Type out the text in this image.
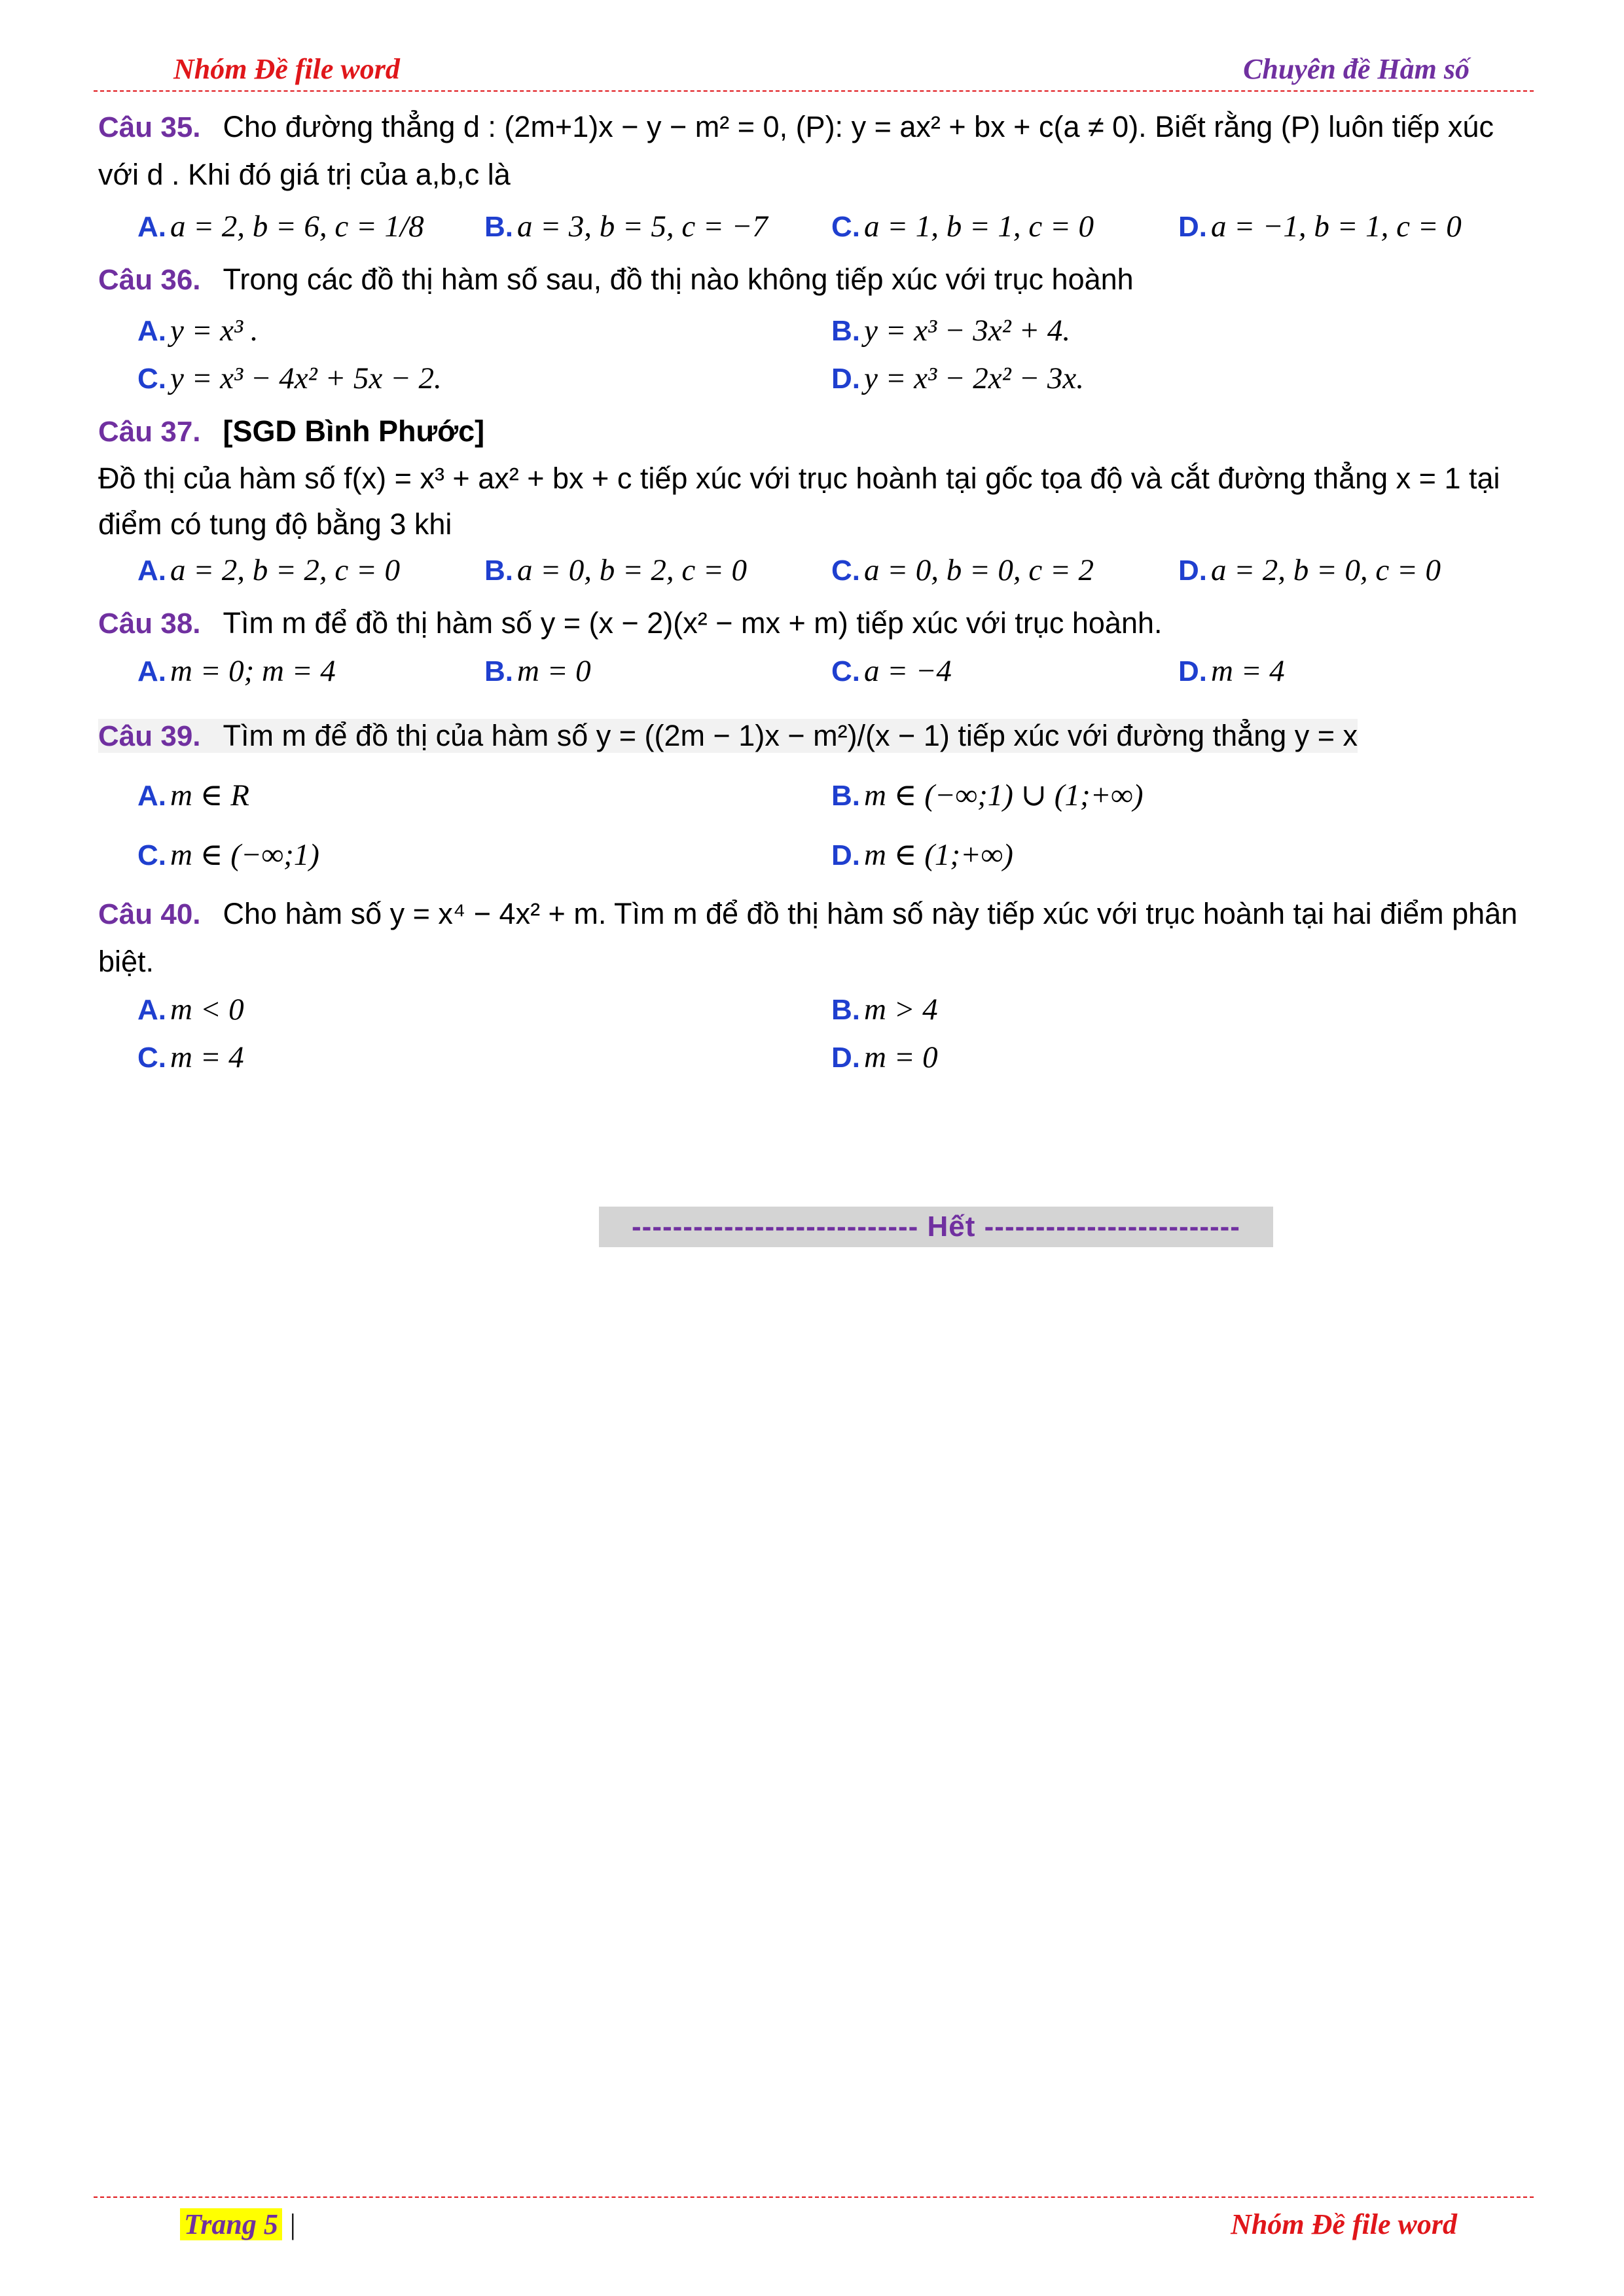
Nhóm Đề file word	Chuyên đề Hàm số
Câu 35. Cho đường thẳng d : (2m+1)x − y − m² = 0, (P): y = ax² + bx + c(a ≠ 0). Biết rằng (P) luôn tiếp xúc với d . Khi đó giá trị của a,b,c là
A. a = 2, b = 6, c = 1/8	B. a = 3, b = 5, c = −7	C. a = 1, b = 1, c = 0	D. a = −1, b = 1, c = 0
Câu 36. Trong các đồ thị hàm số sau, đồ thị nào không tiếp xúc với trục hoành
A. y = x³ .	B. y = x³ − 3x² + 4.
C. y = x³ − 4x² + 5x − 2.	D. y = x³ − 2x² − 3x.
Câu 37. [SGD Bình Phước]
Đồ thị của hàm số f(x) = x³ + ax² + bx + c tiếp xúc với trục hoành tại gốc tọa độ và cắt đường thẳng x = 1 tại điểm có tung độ bằng 3 khi
A. a = 2, b = 2, c = 0	B. a = 0, b = 2, c = 0	C. a = 0, b = 0, c = 2	D. a = 2, b = 0, c = 0
Câu 38. Tìm m để đồ thị hàm số y = (x − 2)(x² − mx + m) tiếp xúc với trục hoành.
A. m = 0; m = 4	B. m = 0	C. a = −4	D. m = 4
Câu 39. Tìm m để đồ thị của hàm số y = ((2m − 1)x − m²)/(x − 1) tiếp xúc với đường thẳng y = x
A. m ∈ R	B. m ∈ (−∞;1) ∪ (1;+∞)
C. m ∈ (−∞;1)	D. m ∈ (1;+∞)
Câu 40. Cho hàm số y = x⁴ − 4x² + m. Tìm m để đồ thị hàm số này tiếp xúc với trục hoành tại hai điểm phân biệt.
A. m < 0	B. m > 4
C. m = 4	D. m = 0
---------------------------- Hết -------------------------
Trang 5 |	Nhóm Đề file word
